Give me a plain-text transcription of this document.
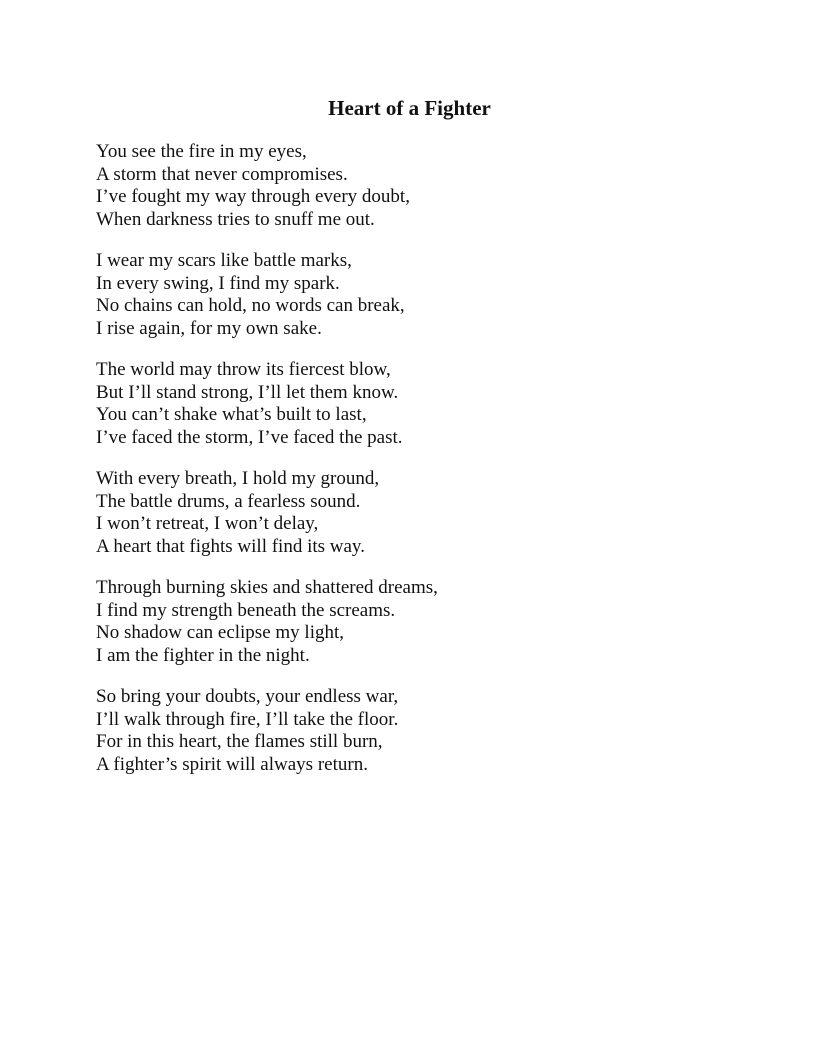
Heart of a Fighter
You see the fire in my eyes,
A storm that never compromises.
I’ve fought my way through every doubt,
When darkness tries to snuff me out.
I wear my scars like battle marks,
In every swing, I find my spark.
No chains can hold, no words can break,
I rise again, for my own sake.
The world may throw its fiercest blow,
But I’ll stand strong, I’ll let them know.
You can’t shake what’s built to last,
I’ve faced the storm, I’ve faced the past.
With every breath, I hold my ground,
The battle drums, a fearless sound.
I won’t retreat, I won’t delay,
A heart that fights will find its way.
Through burning skies and shattered dreams,
I find my strength beneath the screams.
No shadow can eclipse my light,
I am the fighter in the night.
So bring your doubts, your endless war,
I’ll walk through fire, I’ll take the floor.
For in this heart, the flames still burn,
A fighter’s spirit will always return.
